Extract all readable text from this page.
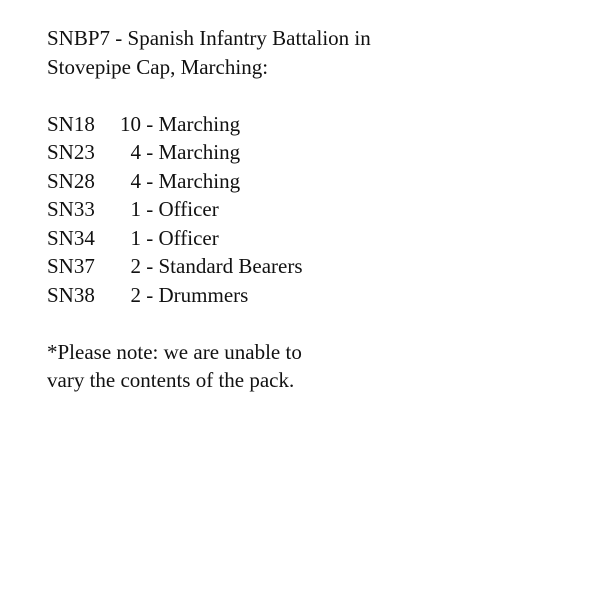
SNBP7 - Spanish Infantry Battalion in
Stovepipe Cap, Marching:
SN18	10 - Marching
SN23	4 - Marching
SN28	4 - Marching
SN33	1 - Officer
SN34	1 - Officer
SN37	2 - Standard Bearers
SN38	2 - Drummers
*Please note: we are unable to
vary the contents of the pack.
